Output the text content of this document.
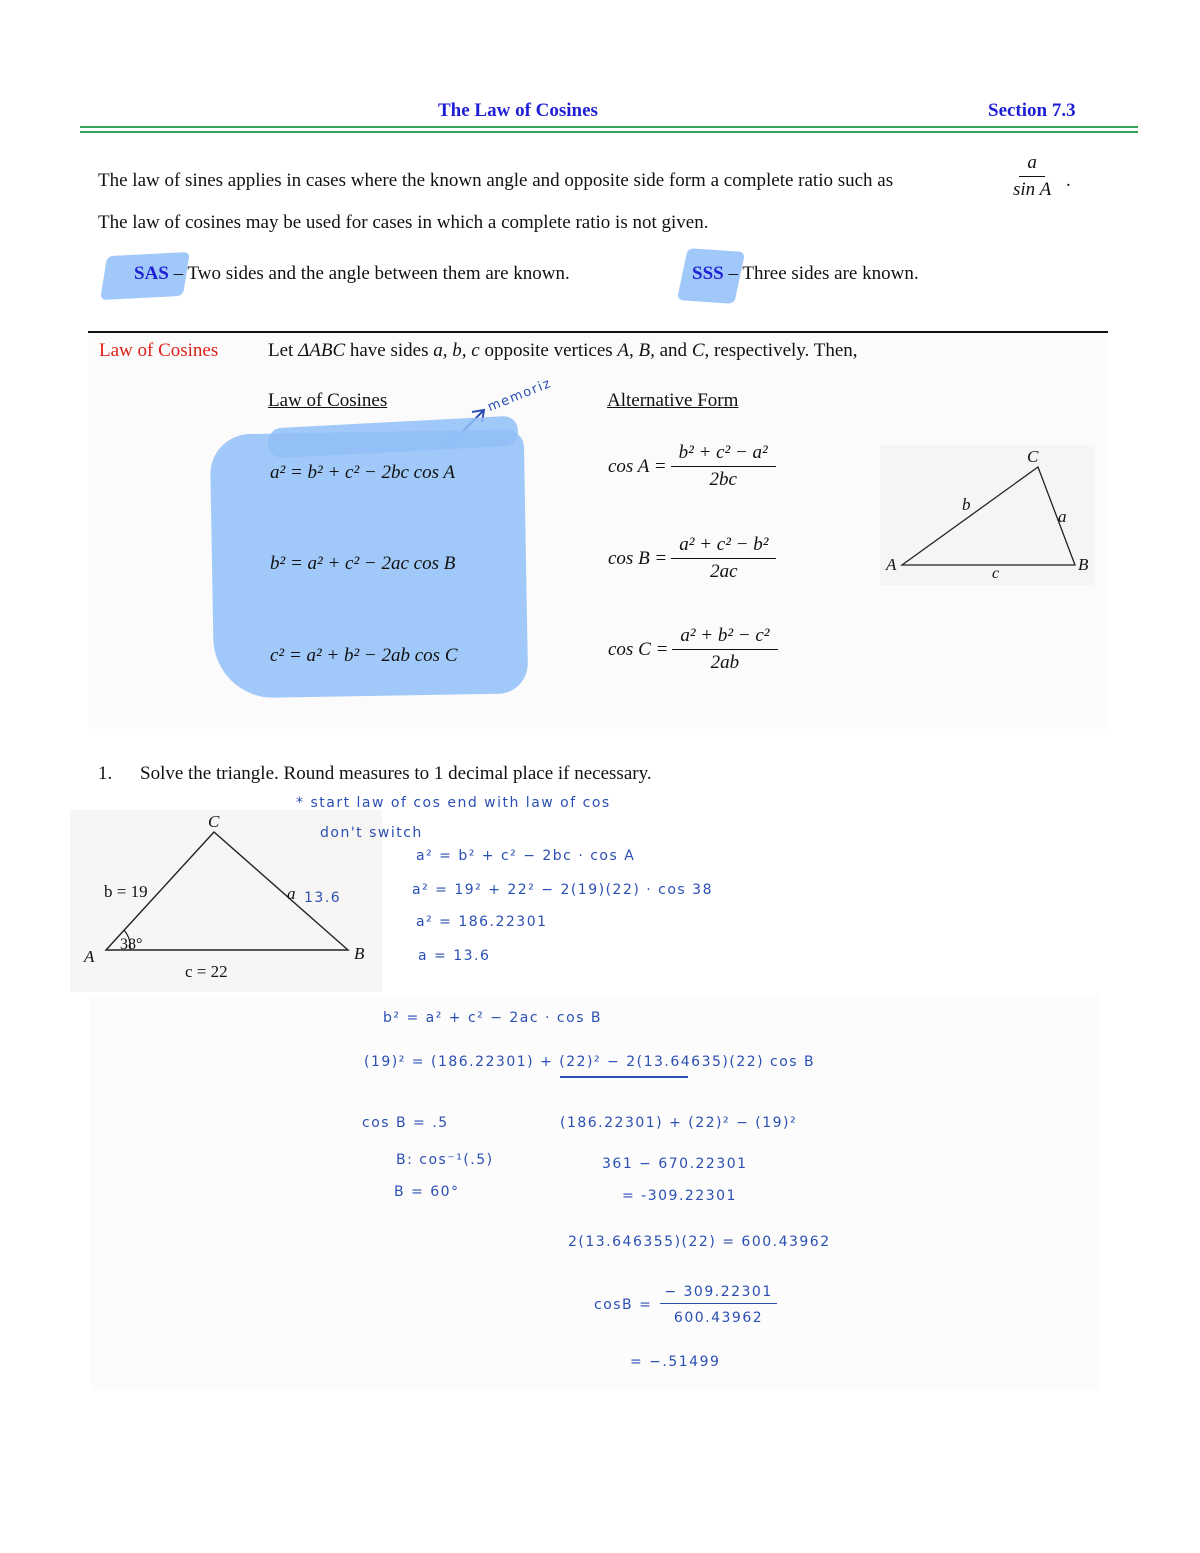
The Law of Cosines	Section 7.3
The law of sines applies in cases where the known angle and opposite side form a complete ratio such as	$\frac{a}{\text{sin A}}$ .
The law of cosines may be used for cases in which a complete ratio is not given.
SAS – Two sides and the angle between them are known.	SSS – Three sides are known.
Law of Cosines	Let ΔABC have sides a, b, c opposite vertices A, B, and C, respectively. Then,
Law of Cosines	Alternative Form
memoriz
a² = b² + c² − 2bc cos A
b² = a² + c² − 2ac cos B
c² = a² + b² − 2ab cos C
$\cos A = \frac{\text{b² + c² − a²}}{2bc}$
$\cos B = \frac{\text{a² + c² − b²}}{2ac}$
$\cos C = \frac{\text{a² + b² − c²}}{2ab}$
A	B
C
b
a
c
1. Solve the triangle. Round measures to 1 decimal place if necessary.
C
A	B
b = 19	a 13.6
38°
c = 22
* start law of cos end with law of cos
don't switch
a² = b² + c² − 2bc · cos A
a² = 19² + 22² − 2(19)(22) · cos 38
a² = 186.22301
a = 13.6
b² = a² + c² − 2ac · cos B
(19)² = (186.22301) + (22)² − 2(13.64635)(22) cos B
cos B = .5
B: cos⁻¹(.5)
B = 60°
(186.22301) + (22)² − (19)²
361 − 670.22301
= -309.22301
2(13.646355)(22) = 600.43962
$\cos B = \frac{- 309.22301}{600.43962}$
= −.51499
